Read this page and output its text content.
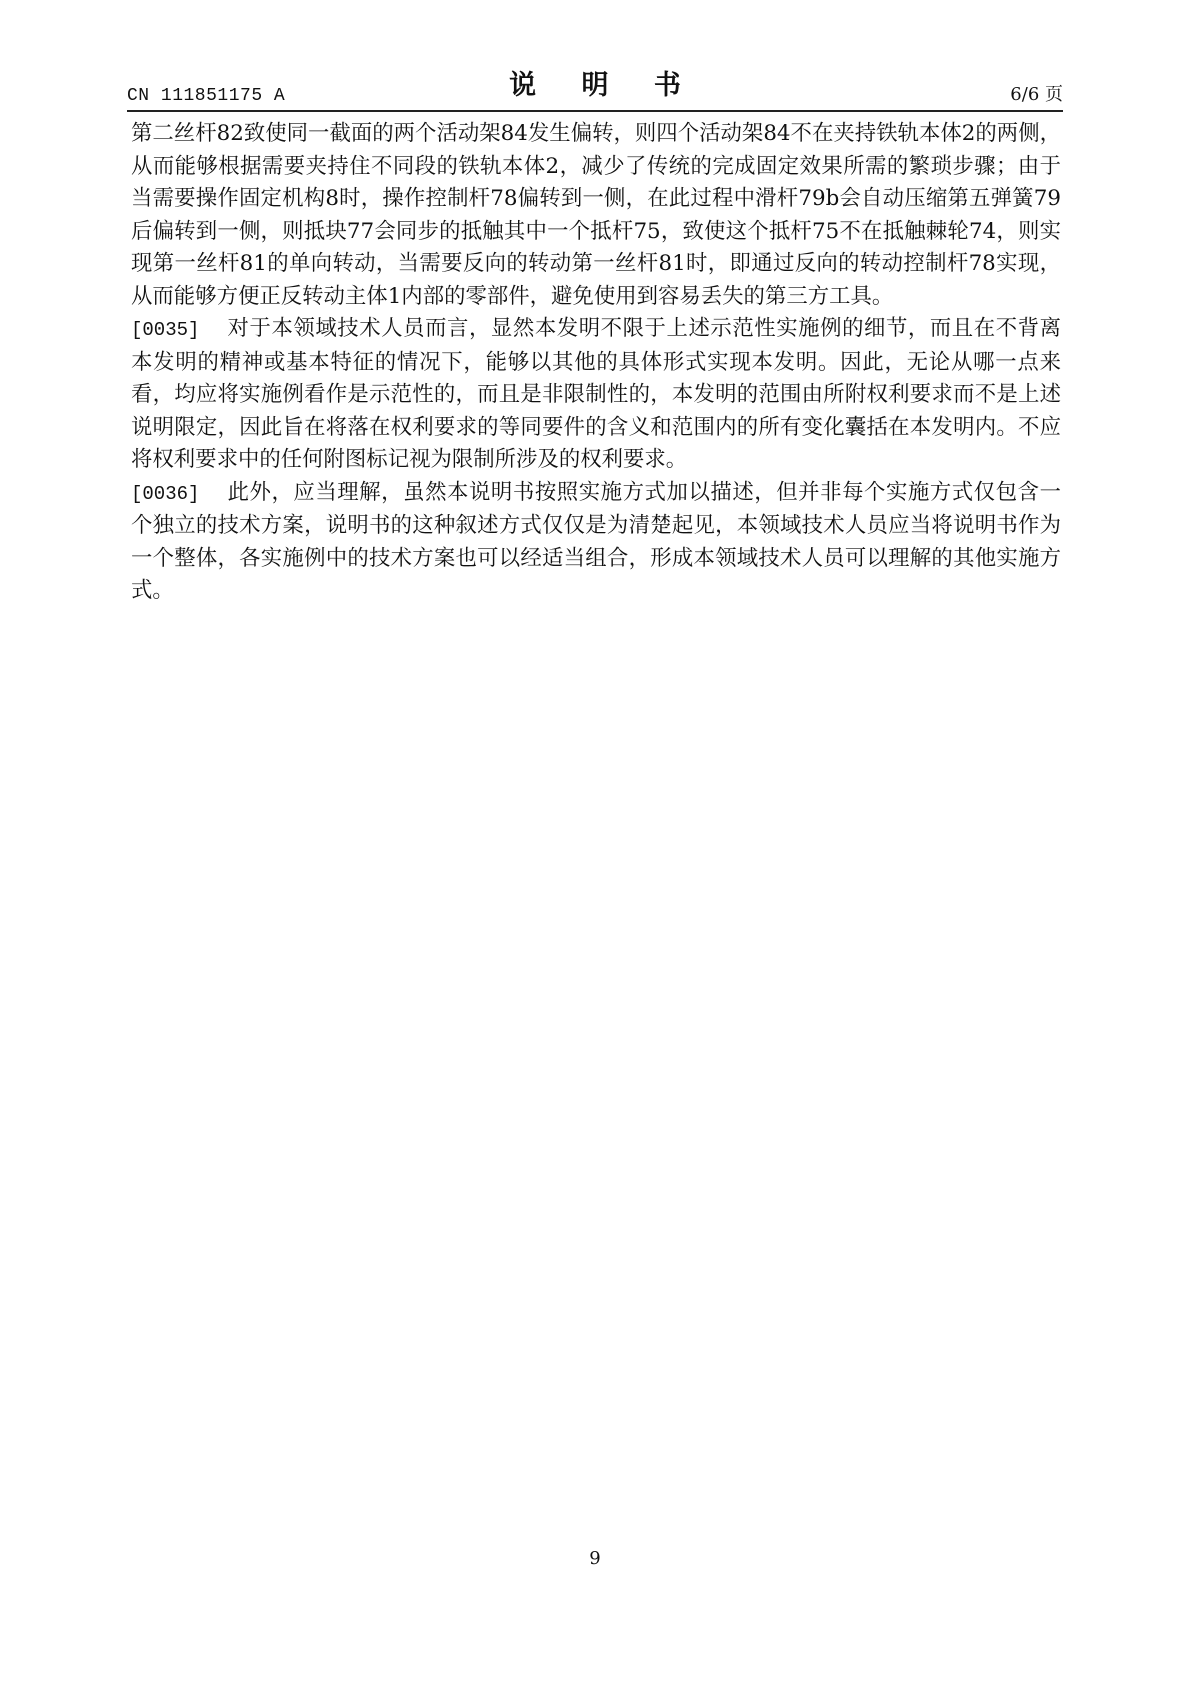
CN 111851175 A	说 明 书	6/6 页

第二丝杆82致使同一截面的两个活动架84发生偏转，则四个活动架84不在夹持铁轨本体2的两侧，从而能够根据需要夹持住不同段的铁轨本体2，减少了传统的完成固定效果所需的繁琐步骤；由于当需要操作固定机构8时，操作控制杆78偏转到一侧，在此过程中滑杆79b会自动压缩第五弹簧79后偏转到一侧，则抵块77会同步的抵触其中一个抵杆75，致使这个抵杆75不在抵触棘轮74，则实现第一丝杆81的单向转动，当需要反向的转动第一丝杆81时，即通过反向的转动控制杆78实现，从而能够方便正反转动主体1内部的零部件，避免使用到容易丢失的第三方工具。

[0035] 对于本领域技术人员而言，显然本发明不限于上述示范性实施例的细节，而且在不背离本发明的精神或基本特征的情况下，能够以其他的具体形式实现本发明。因此，无论从哪一点来看，均应将实施例看作是示范性的，而且是非限制性的，本发明的范围由所附权利要求而不是上述说明限定，因此旨在将落在权利要求的等同要件的含义和范围内的所有变化囊括在本发明内。不应将权利要求中的任何附图标记视为限制所涉及的权利要求。

[0036] 此外，应当理解，虽然本说明书按照实施方式加以描述，但并非每个实施方式仅包含一个独立的技术方案，说明书的这种叙述方式仅仅是为清楚起见，本领域技术人员应当将说明书作为一个整体，各实施例中的技术方案也可以经适当组合，形成本领域技术人员可以理解的其他实施方式。

9
